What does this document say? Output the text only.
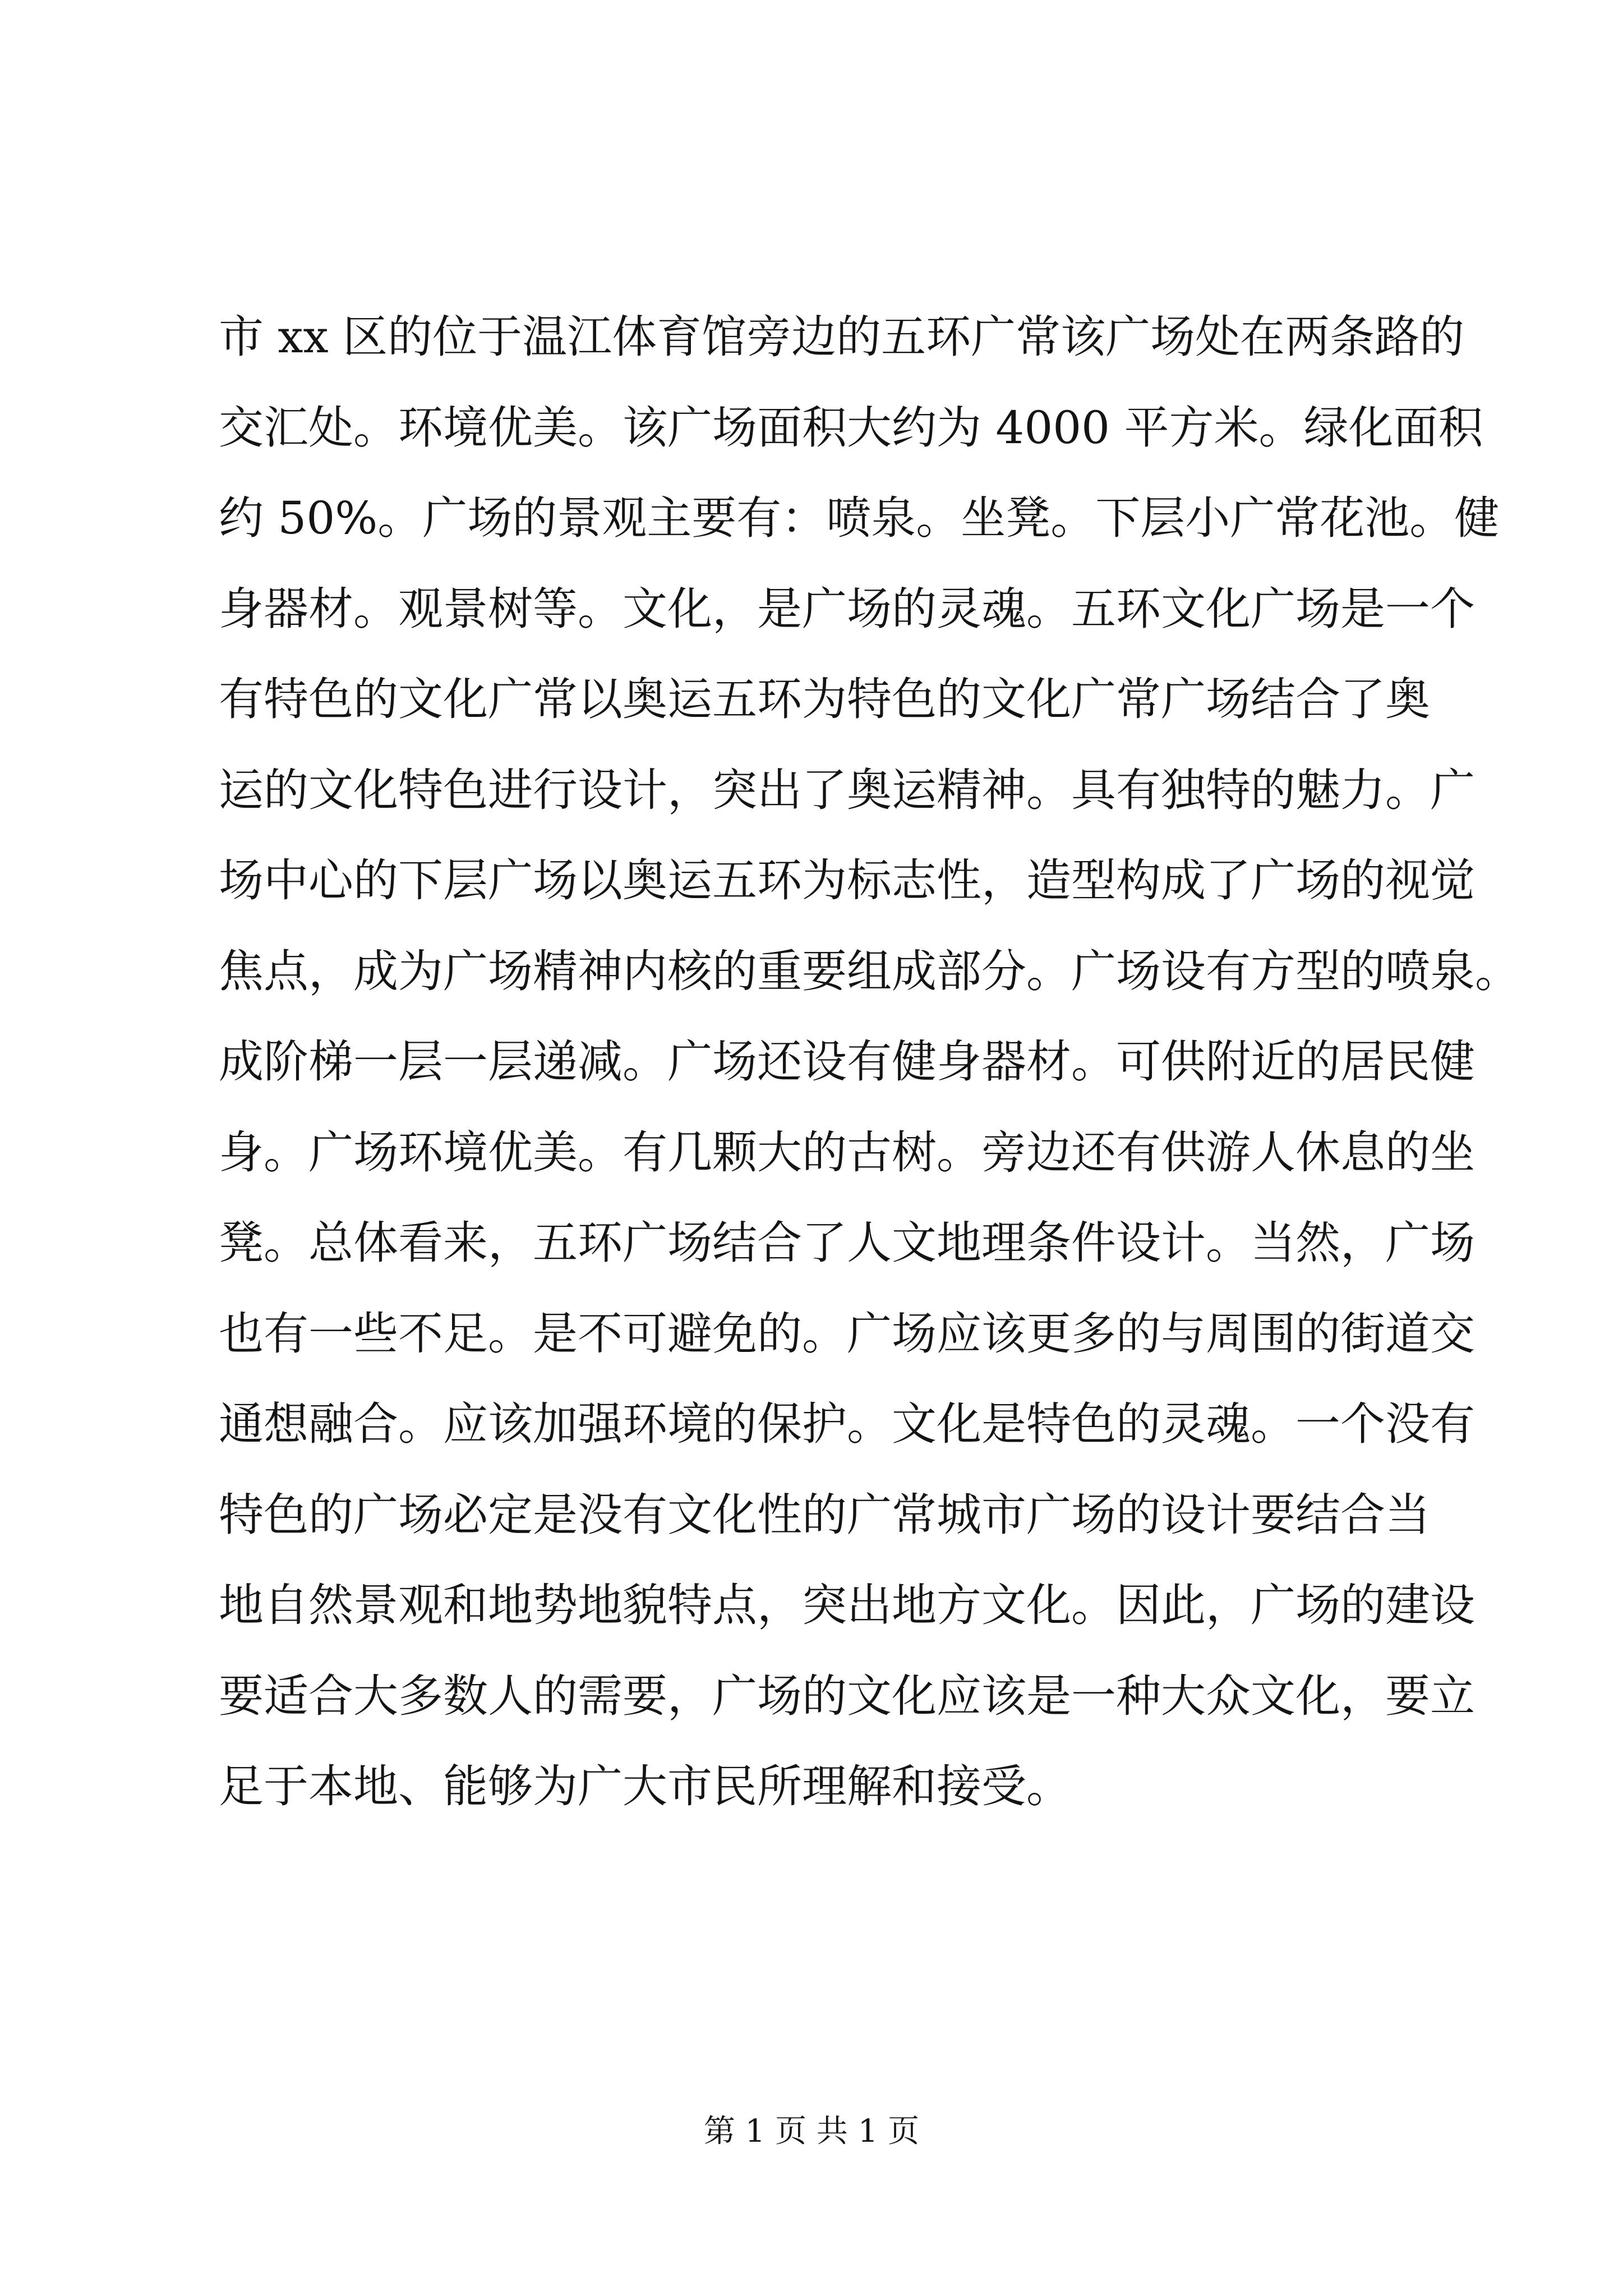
市 xx 区的位于温江体育馆旁边的五环广常该广场处在两条路的
交汇处。环境优美。该广场面积大约为 4000 平方米。绿化面积
约 50%。广场的景观主要有：喷泉。坐凳。下层小广常花池。健
身器材。观景树等。文化，是广场的灵魂。五环文化广场是一个
有特色的文化广常以奥运五环为特色的文化广常广场结合了奥
运的文化特色进行设计，突出了奥运精神。具有独特的魅力。广
场中心的下层广场以奥运五环为标志性，造型构成了广场的视觉
焦点，成为广场精神内核的重要组成部分。广场设有方型的喷泉。
成阶梯一层一层递减。广场还设有健身器材。可供附近的居民健
身。广场环境优美。有几颗大的古树。旁边还有供游人休息的坐
凳。总体看来，五环广场结合了人文地理条件设计。当然，广场
也有一些不足。是不可避免的。广场应该更多的与周围的街道交
通想融合。应该加强环境的保护。文化是特色的灵魂。一个没有
特色的广场必定是没有文化性的广常城市广场的设计要结合当
地自然景观和地势地貌特点，突出地方文化。因此，广场的建设
要适合大多数人的需要，广场的文化应该是一种大众文化，要立
足于本地、能够为广大市民所理解和接受。
第 1 页 共 1 页
